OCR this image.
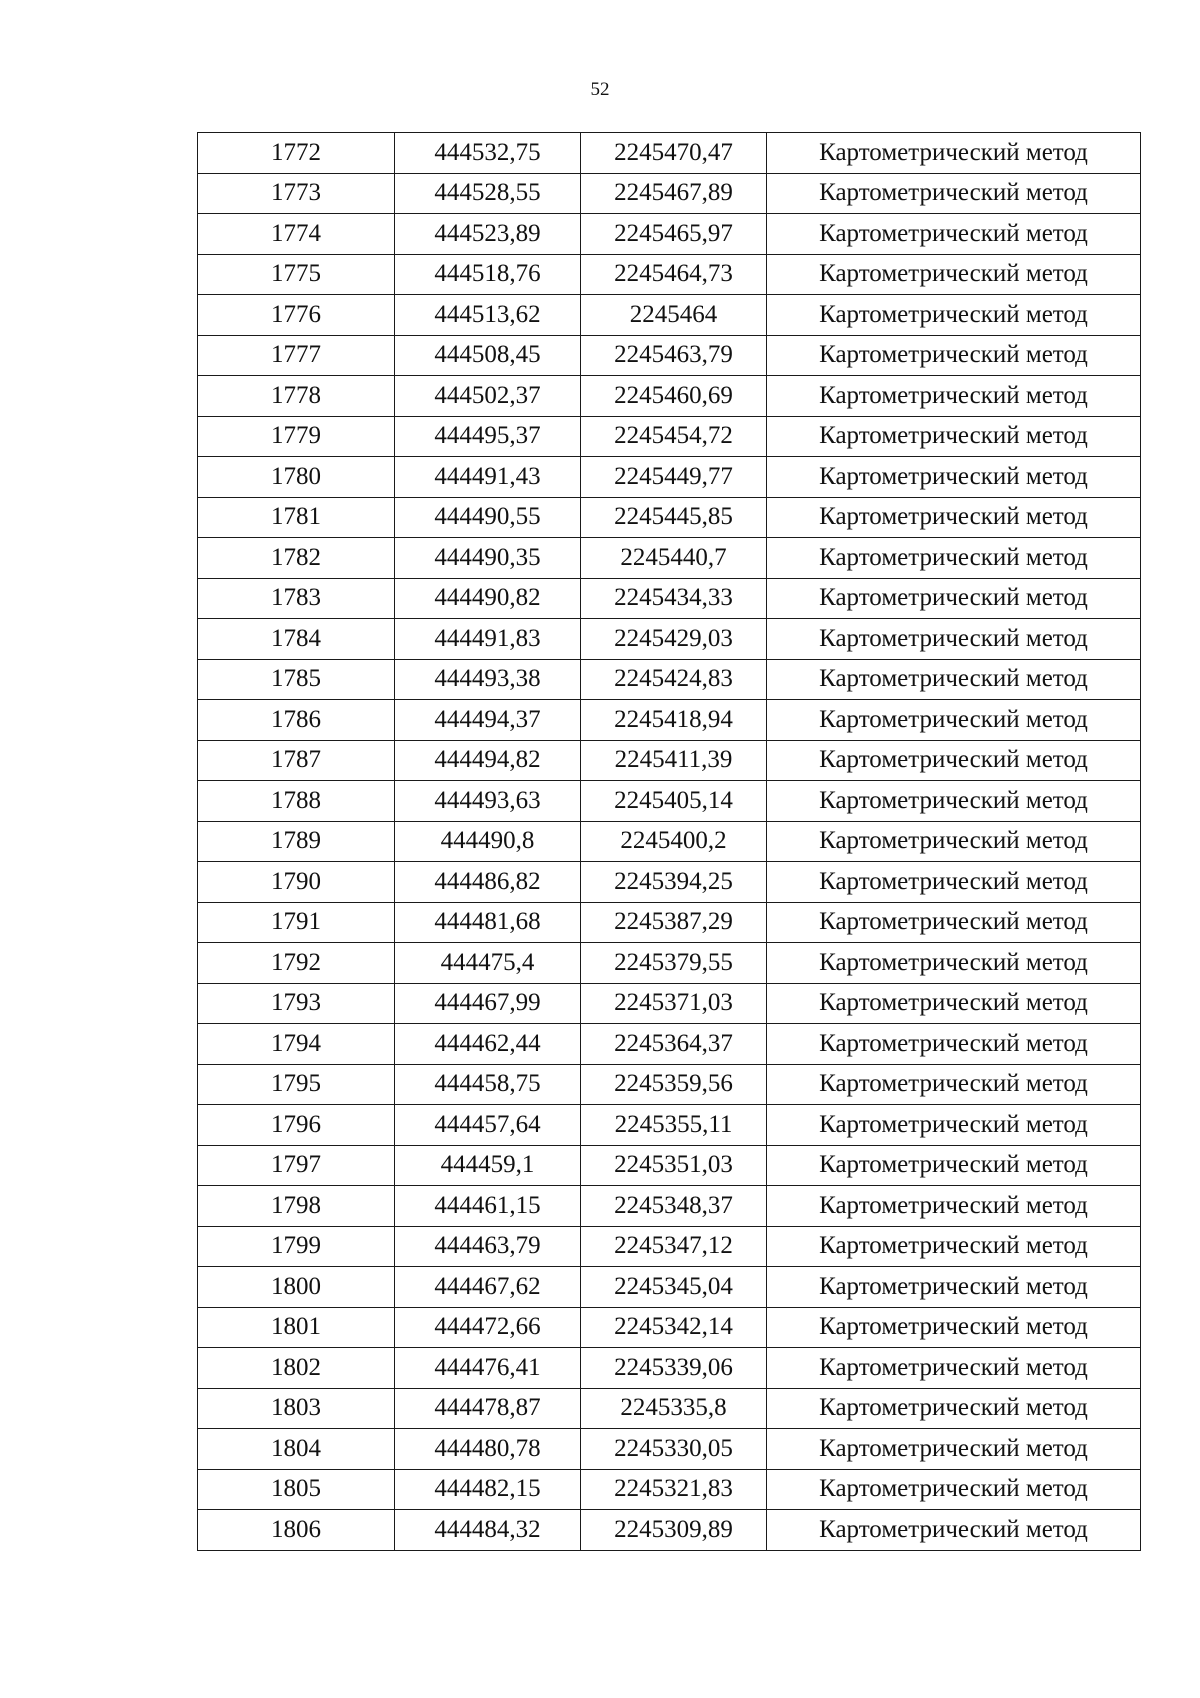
52
1772	444532,75	2245470,47	Картометрический метод
1773	444528,55	2245467,89	Картометрический метод
1774	444523,89	2245465,97	Картометрический метод
1775	444518,76	2245464,73	Картометрический метод
1776	444513,62	2245464	Картометрический метод
1777	444508,45	2245463,79	Картометрический метод
1778	444502,37	2245460,69	Картометрический метод
1779	444495,37	2245454,72	Картометрический метод
1780	444491,43	2245449,77	Картометрический метод
1781	444490,55	2245445,85	Картометрический метод
1782	444490,35	2245440,7	Картометрический метод
1783	444490,82	2245434,33	Картометрический метод
1784	444491,83	2245429,03	Картометрический метод
1785	444493,38	2245424,83	Картометрический метод
1786	444494,37	2245418,94	Картометрический метод
1787	444494,82	2245411,39	Картометрический метод
1788	444493,63	2245405,14	Картометрический метод
1789	444490,8	2245400,2	Картометрический метод
1790	444486,82	2245394,25	Картометрический метод
1791	444481,68	2245387,29	Картометрический метод
1792	444475,4	2245379,55	Картометрический метод
1793	444467,99	2245371,03	Картометрический метод
1794	444462,44	2245364,37	Картометрический метод
1795	444458,75	2245359,56	Картометрический метод
1796	444457,64	2245355,11	Картометрический метод
1797	444459,1	2245351,03	Картометрический метод
1798	444461,15	2245348,37	Картометрический метод
1799	444463,79	2245347,12	Картометрический метод
1800	444467,62	2245345,04	Картометрический метод
1801	444472,66	2245342,14	Картометрический метод
1802	444476,41	2245339,06	Картометрический метод
1803	444478,87	2245335,8	Картометрический метод
1804	444480,78	2245330,05	Картометрический метод
1805	444482,15	2245321,83	Картометрический метод
1806	444484,32	2245309,89	Картометрический метод
